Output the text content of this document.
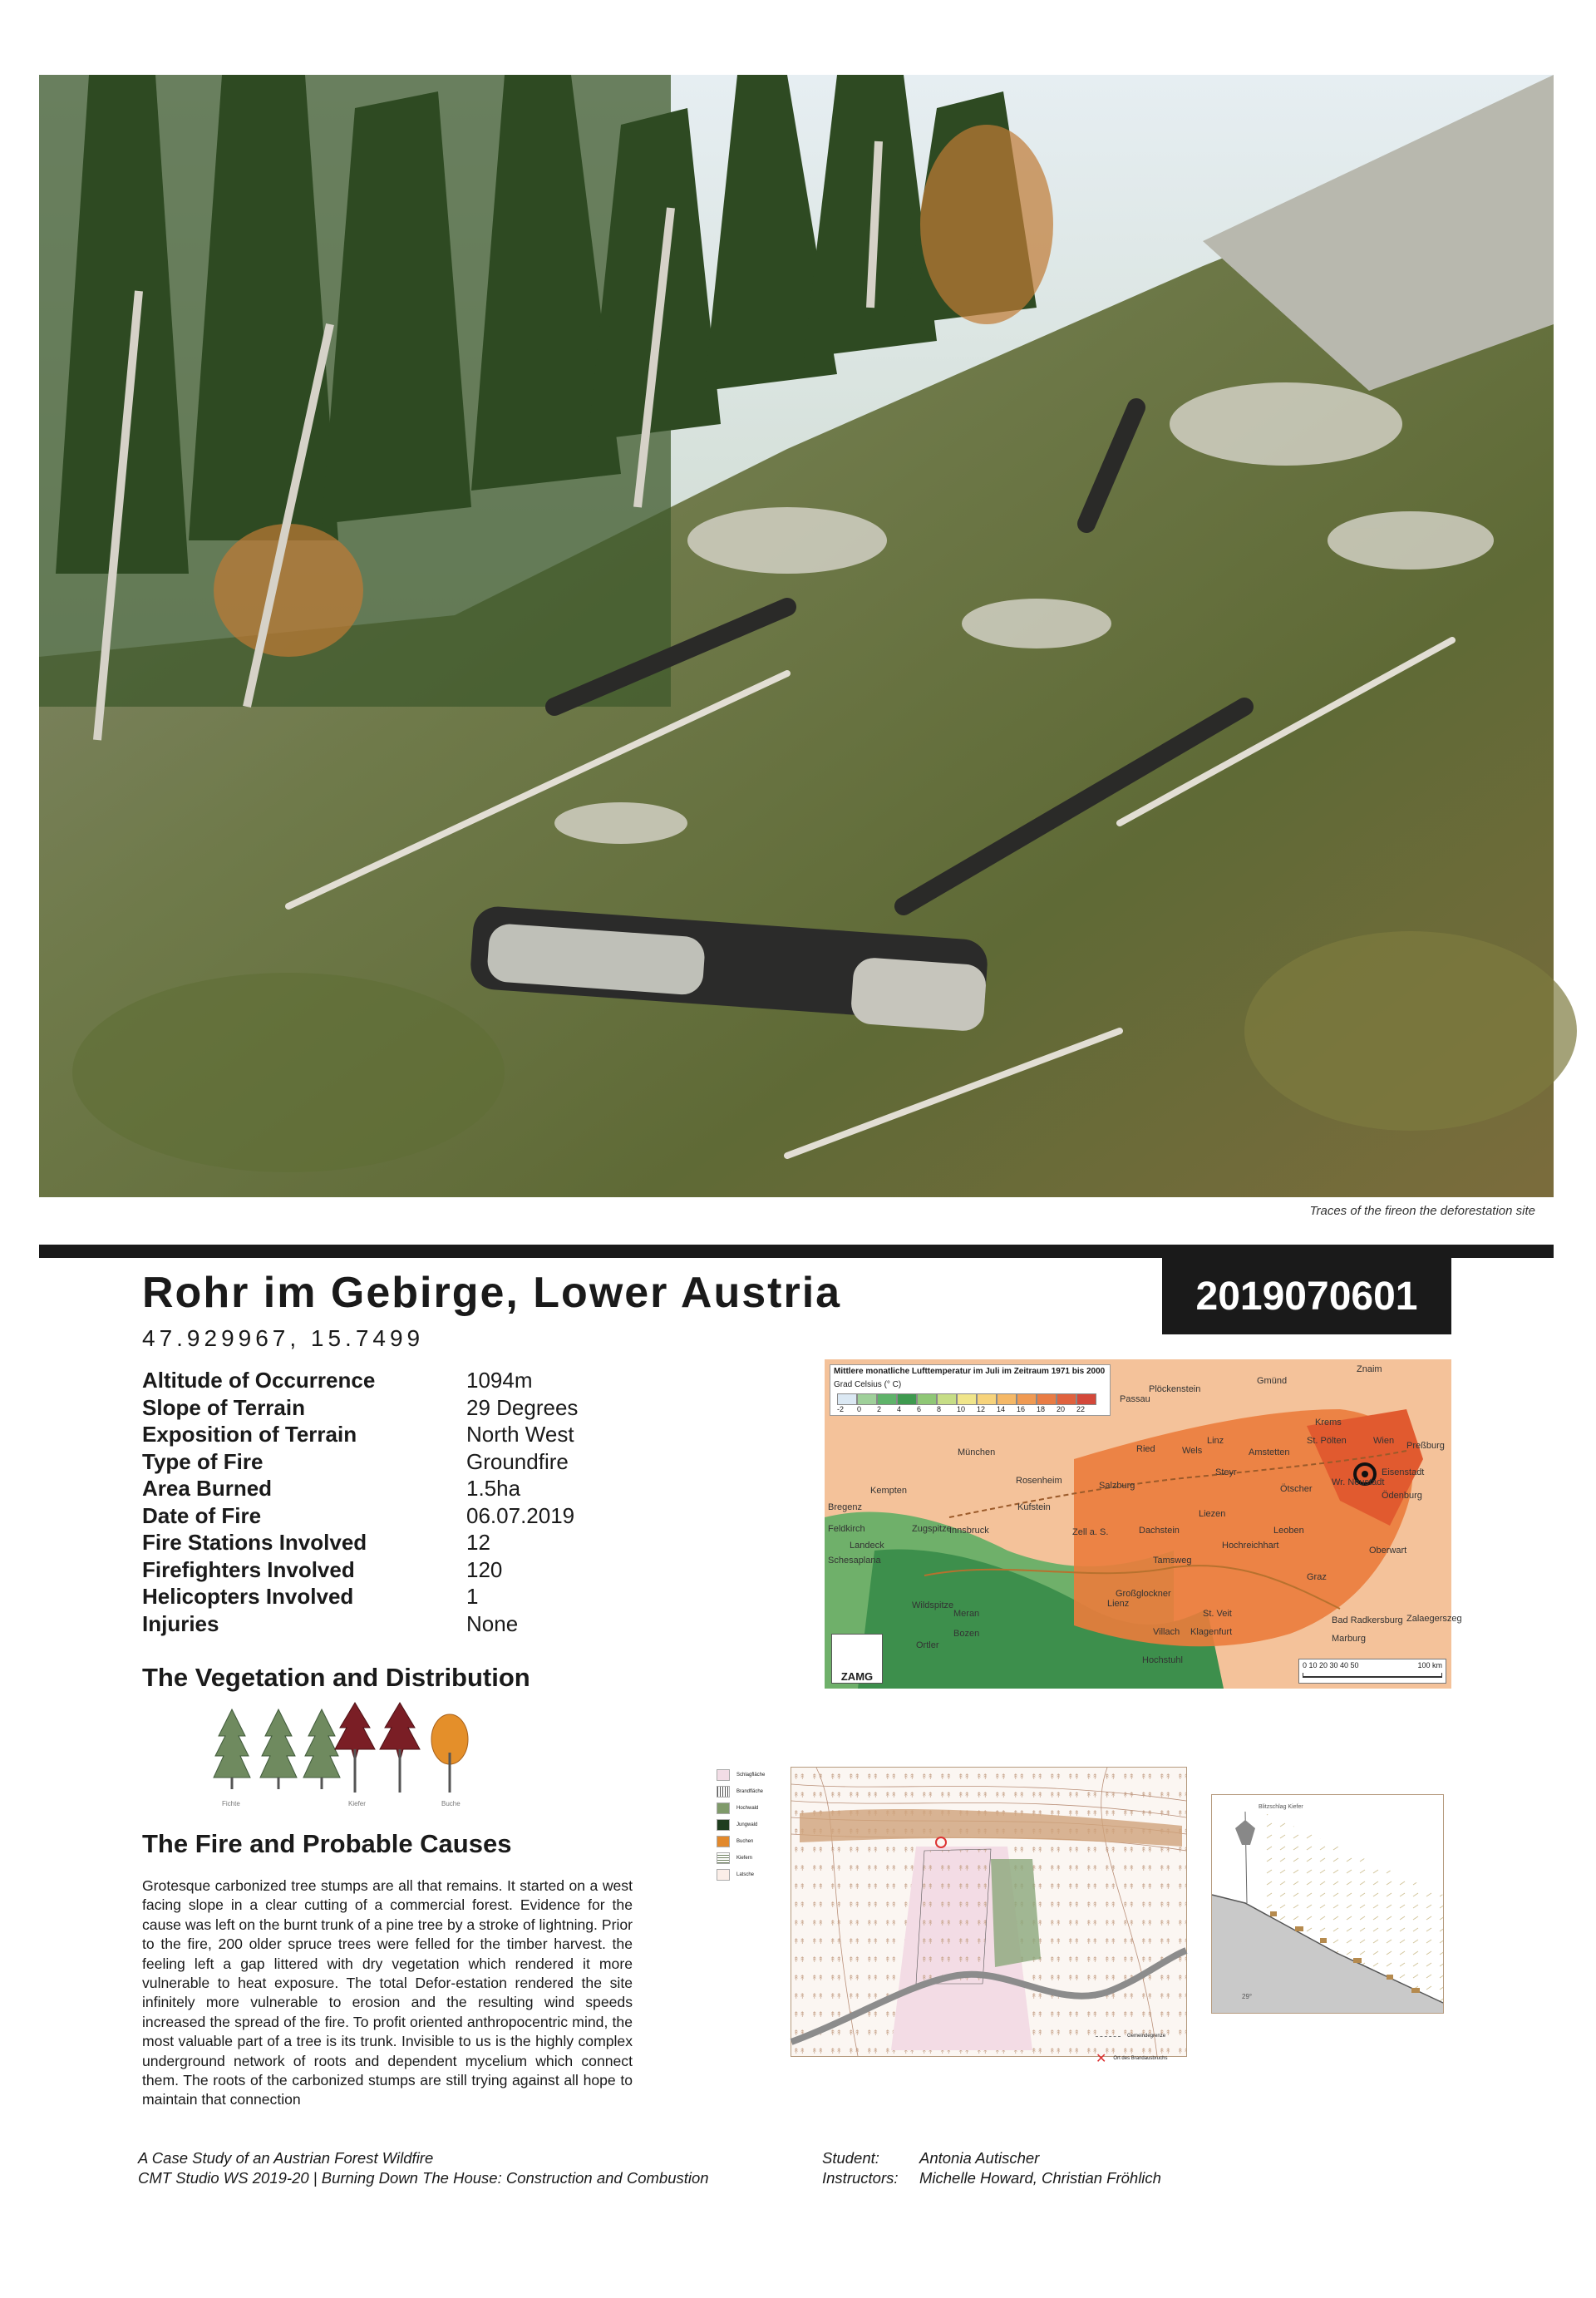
Traces of the fireon the deforestation site
2019070601
Rohr im Gebirge, Lower Austria
47.929967, 15.7499
Altitude of Occurrence	1094m
Slope of Terrain	29 Degrees
Exposition of Terrain	North West
Type of Fire	Groundfire
Area Burned	1.5ha
Date of Fire	06.07.2019
Fire Stations Involved	12
Firefighters Involved	120
Helicopters Involved	1
Injuries	None
The Vegetation and Distribution
Fichte	Kiefer	Buche
The Fire and Probable Causes
Grotesque carbonized tree stumps are all that remains. It started on a west facing slope in a clear cutting of a commercial forest. Evidence for the cause was left on the burnt trunk of a pine tree by a stroke of lightning. Prior to the fire, 200 older spruce trees were felled for the timber harvest. the feeling left a gap littered with dry vegetation which rendered it more vulnerable to heat exposure. The total Defor-estation rendered the site infinitely more vulnerable to erosion and the resulting wind speeds increased the spread of the fire. To profit oriented anthropocentric mind, the most valuable part of a tree is its trunk. Invisible to us is the highly complex underground network of roots and dependent mycelium which connect them. The roots of the carbonized stumps are still trying against all hope to maintain that connection
Mittlere monatliche Lufttemperatur im Juli im Zeitraum 1971 bis 2000
Grad Celsius (° C)
-2	0	2	4	6	8	10	12	14	16	18	20	22
Znaim
Gmünd
Plöckenstein
Passau
Krems
Linz	St. Pölten	Wien Preßburg
Ried	Wels	Amstetten
München
Steyr	Eisenstadt
Wr. Neustadt
Rosenheim	Salzburg	Ötscher
Ödenburg
Kempten
Bregenz	Kufstein
Liezen
Feldkirch	Zugspitze
Innsbruck	Zell a. S.	Dachstein	Leoben
Landeck	Hochreichhart	Oberwart
Schesaplana	Tamsweg
Graz
Großglockner
Lienz
Wildspitze
Meran	St. Veit
Bad Radkersburg Zalaegerszeg
Villach Klagenfurt
Marburg
Bozen
Ortler
Hochstuhl
ZAMG
0 10 20 30 40 50	100 km
Schlagfläche
Brandfläche
Hochwald
Jungwald
Buchen
Kiefern
Latsche
Gemeindegrenze
✕ Ort des Brandausbruchs
Blitzschlag Kiefer
29°
A Case Study of an Austrian Forest Wildfire
CMT Studio WS 2019-20 | Burning Down The House: Construction and Combustion
Student:	Antonia Autischer
Instructors:	Michelle Howard, Christian Fröhlich
